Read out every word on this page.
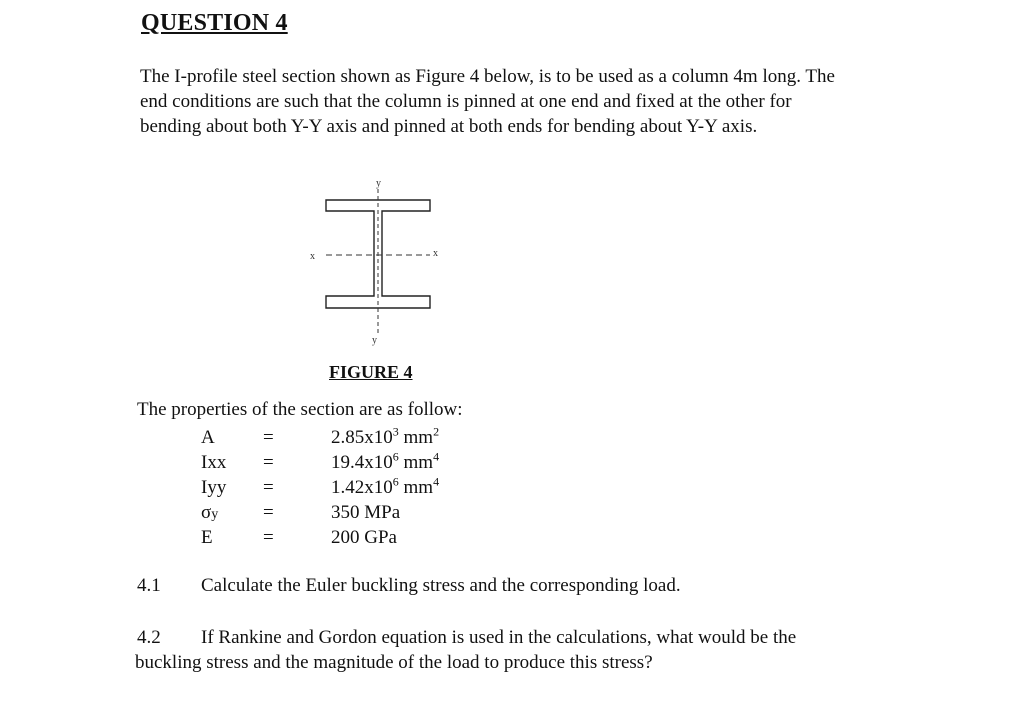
QUESTION 4
The I-profile steel section shown as Figure 4 below, is to be used as a column 4m long. The
end conditions are such that the column is pinned at one end and fixed at the other for
bending about both Y-Y axis and pinned at both ends for bending about Y-Y axis.
y
y
x	x
FIGURE 4
The properties of the section are as follow:
A	=	$2.85x10^3$ $mm^2$
Ixx =	$19.4x10^6$ $mm^4$
Iyy =	$1.42x10^6$ $mm^4$
σy =	350 MPa
E	=	200 GPa
4.1 Calculate the Euler buckling stress and the corresponding load.
4.2 If Rankine and Gordon equation is used in the calculations, what would be the
buckling stress and the magnitude of the load to produce this stress?
